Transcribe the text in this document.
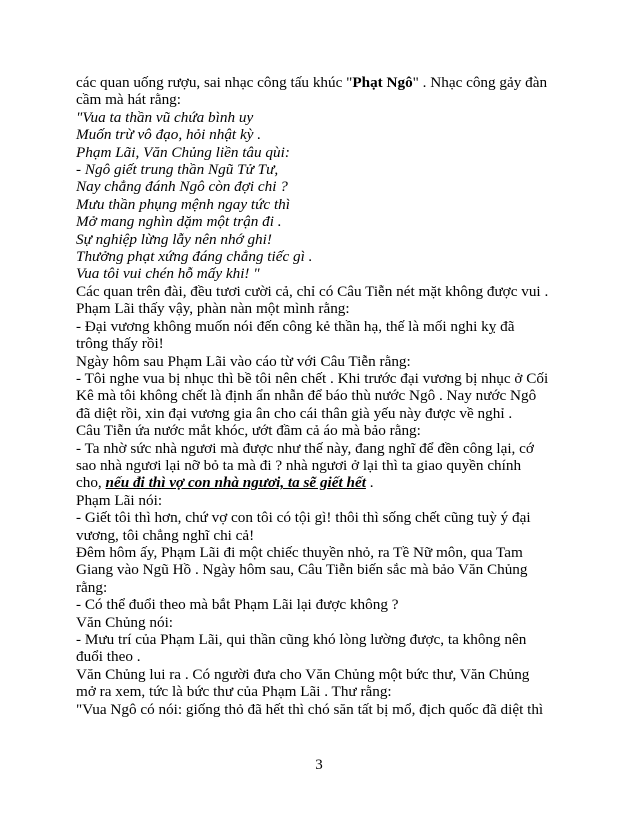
các quan uống rượu, sai nhạc công tấu khúc "Phạt Ngô" . Nhạc công gảy đàn
cầm mà hát rằng:
"Vua ta thần vũ chứa bình uy
Muốn trừ vô đạo, hỏi nhật kỳ .
Phạm Lãi, Văn Chủng liền tâu qùi:
- Ngô giết trung thần Ngũ Tử Tư,
Nay chẳng đánh Ngô còn đợi chi ?
Mưu thần phụng mệnh ngay tức thì
Mở mang nghìn dặm một trận đi .
Sự nghiệp lừng lẫy nên nhớ ghi!
Thưởng phạt xứng đáng chẳng tiếc gì .
Vua tôi vui chén hỗ mấy khi! "
Các quan trên đài, đều tươi cười cả, chỉ có Câu Tiễn nét mặt không được vui .
Phạm Lãi thấy vậy, phàn nàn một mình rằng:
- Đại vương không muốn nói đến công kẻ thần hạ, thế là mối nghi kỵ đã
trông thấy rồi!
Ngày hôm sau Phạm Lãi vào cáo từ với Câu Tiễn rằng:
- Tôi nghe vua bị nhục thì bề tôi nên chết . Khi trước đại vương bị nhục ở Cối
Kê mà tôi không chết là định ẩn nhẫn để báo thù nước Ngô . Nay nước Ngô
đã diệt rồi, xin đại vương gia ân cho cái thân già yếu này được về nghỉ .
Câu Tiễn ứa nước mắt khóc, ướt đầm cả áo mà bảo rằng:
- Ta nhờ sức nhà ngươi mà được như thế này, đang nghĩ để đền công lại, cớ
sao nhà ngươi lại nỡ bỏ ta mà đi ? nhà ngươi ở lại thì ta giao quyền chính
cho, nếu đi thì vợ con nhà ngươi, ta sẽ giết hết .
Phạm Lãi nói:
- Giết tôi thì hơn, chứ vợ con tôi có tội gì! thôi thì sống chết cũng tuỳ ý đại
vương, tôi chẳng nghĩ chi cả!
Đêm hôm ấy, Phạm Lãi đi một chiếc thuyền nhỏ, ra Tề Nữ môn, qua Tam
Giang vào Ngũ Hồ . Ngày hôm sau, Câu Tiễn biến sắc mà bảo Văn Chủng
rằng:
- Có thể đuổi theo mà bắt Phạm Lãi lại được không ?
Văn Chủng nói:
- Mưu trí của Phạm Lãi, qui thần cũng khó lòng lường được, ta không nên
đuổi theo .
Văn Chủng lui ra . Có người đưa cho Văn Chủng một bức thư, Văn Chủng
mở ra xem, tức là bức thư của Phạm Lãi . Thư rằng:
"Vua Ngô có nói: giống thỏ đã hết thì chó săn tất bị mổ, địch quốc đã diệt thì
3
